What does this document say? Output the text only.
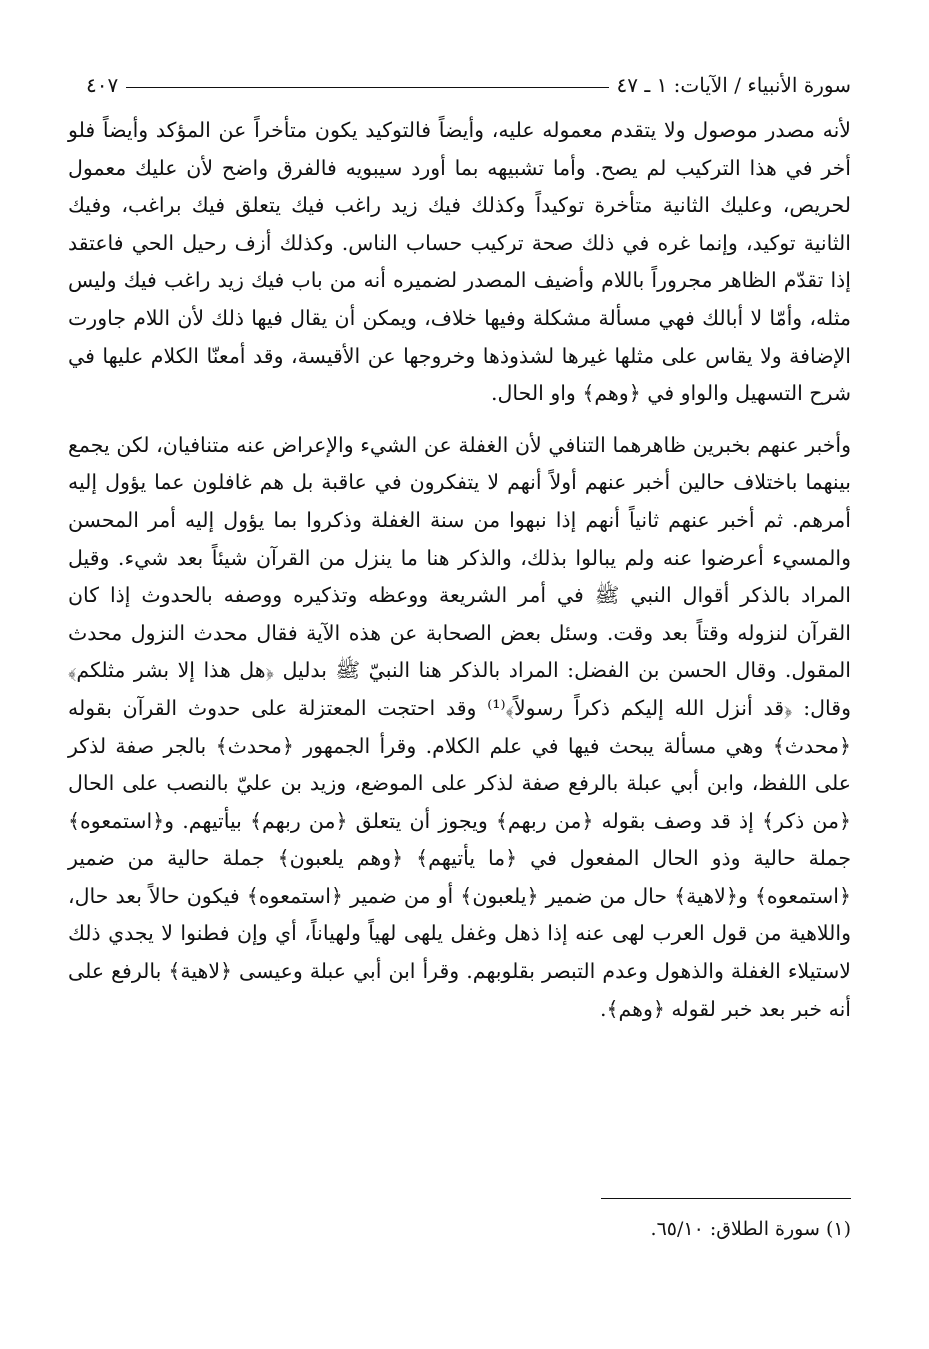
سورة الأنبياء / الآيات: ١ ـ ٤٧
٤٠٧

لأنه مصدر موصول ولا يتقدم معموله عليه، وأيضاً فالتوكيد يكون متأخراً عن المؤكد وأيضاً فلو أخر في هذا التركيب لم يصح. وأما تشبيهه بما أورد سيبويه فالفرق واضح لأن عليك معمول لحريص، وعليك الثانية متأخرة توكيداً وكذلك فيك زيد راغب فيك يتعلق فيك براغب، وفيك الثانية توكيد، وإنما غره في ذلك صحة تركيب حساب الناس. وكذلك أزف رحيل الحي فاعتقد إذا تقدّم الظاهر مجروراً باللام وأضيف المصدر لضميره أنه من باب فيك زيد راغب فيك وليس مثله، وأمّا لا أبالك فهي مسألة مشكلة وفيها خلاف، ويمكن أن يقال فيها ذلك لأن اللام جاورت الإضافة ولا يقاس على مثلها غيرها لشذوذها وخروجها عن الأقيسة، وقد أمعنّا الكلام عليها في شرح التسهيل والواو في ﴿وهم﴾ واو الحال.

وأخبر عنهم بخبرين ظاهرهما التنافي لأن الغفلة عن الشيء والإعراض عنه متنافيان، لكن يجمع بينهما باختلاف حالين أخبر عنهم أولاً أنهم لا يتفكرون في عاقبة بل هم غافلون عما يؤول إليه أمرهم. ثم أخبر عنهم ثانياً أنهم إذا نبهوا من سنة الغفلة وذكروا بما يؤول إليه أمر المحسن والمسيء أعرضوا عنه ولم يبالوا بذلك، والذكر هنا ما ينزل من القرآن شيئاً بعد شيء. وقيل المراد بالذكر أقوال النبي ﷺ في أمر الشريعة ووعظه وتذكيره ووصفه بالحدوث إذا كان القرآن لنزوله وقتاً بعد وقت. وسئل بعض الصحابة عن هذه الآية فقال محدث النزول محدث المقول. وقال الحسن بن الفضل: المراد بالذكر هنا النبيّ ﷺ بدليل ﴿هل هذا إلا بشر مثلكم﴾ وقال: ﴿قد أنزل الله إليكم ذكراً رسولاً﴾⁽¹⁾ وقد احتجت المعتزلة على حدوث القرآن بقوله ﴿محدث﴾ وهي مسألة يبحث فيها في علم الكلام. وقرأ الجمهور ﴿محدث﴾ بالجر صفة لذكر على اللفظ، وابن أبي عبلة بالرفع صفة لذكر على الموضع، وزيد بن عليّ بالنصب على الحال ﴿من ذكر﴾ إذ قد وصف بقوله ﴿من ربهم﴾ ويجوز أن يتعلق ﴿من ربهم﴾ بيأتيهم. و﴿استمعوه﴾ جملة حالية وذو الحال المفعول في ﴿ما يأتيهم﴾ ﴿وهم يلعبون﴾ جملة حالية من ضمير ﴿استمعوه﴾ و﴿لاهية﴾ حال من ضمير ﴿يلعبون﴾ أو من ضمير ﴿استمعوه﴾ فيكون حالاً بعد حال، واللاهية من قول العرب لهى عنه إذا ذهل وغفل يلهى لهياً ولهياناً، أي وإن فطنوا لا يجدي ذلك لاستيلاء الغفلة والذهول وعدم التبصر بقلوبهم. وقرأ ابن أبي عبلة وعيسى ﴿لاهية﴾ بالرفع على أنه خبر بعد خبر لقوله ﴿وهم﴾.

(١) سورة الطلاق: ٦٥/١٠.
